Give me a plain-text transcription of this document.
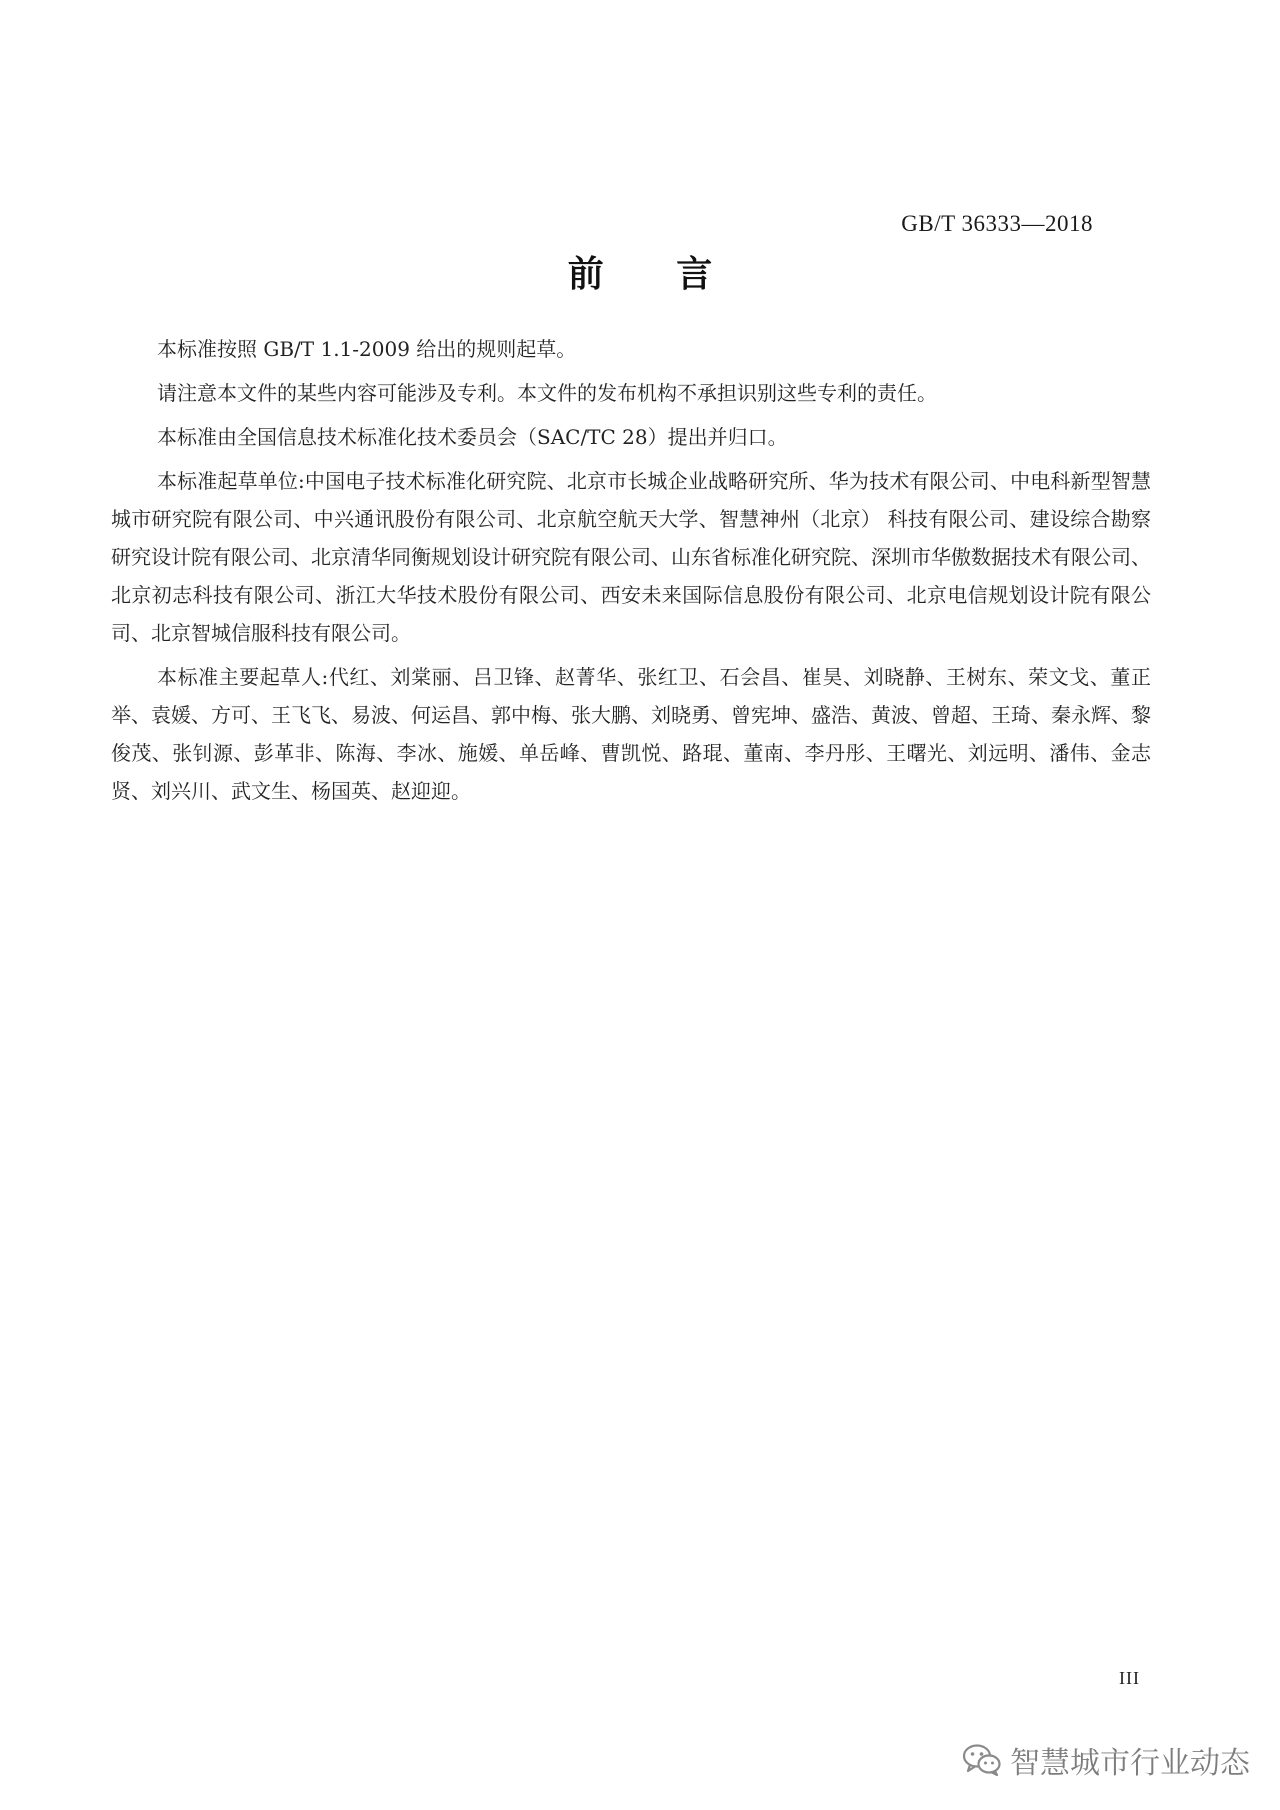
GB/T 36333—2018
前 言

本标准按照 GB/T 1.1-2009 给出的规则起草。

请注意本文件的某些内容可能涉及专利。本文件的发布机构不承担识别这些专利的责任。

本标准由全国信息技术标准化技术委员会（SAC/TC 28）提出并归口。

本标准起草单位:中国电子技术标准化研究院、北京市长城企业战略研究所、华为技术有限公司、中电科新型智慧城市研究院有限公司、中兴通讯股份有限公司、北京航空航天大学、智慧神州（北京） 科技有限公司、建设综合勘察研究设计院有限公司、北京清华同衡规划设计研究院有限公司、山东省标准化研究院、深圳市华傲数据技术有限公司、北京初志科技有限公司、浙江大华技术股份有限公司、西安未来国际信息股份有限公司、北京电信规划设计院有限公司、北京智城信服科技有限公司。

本标准主要起草人:代红、刘棠丽、吕卫锋、赵菁华、张红卫、石会昌、崔昊、刘晓静、王树东、荣文戈、董正举、袁媛、方可、王飞飞、易波、何运昌、郭中梅、张大鹏、刘晓勇、曾宪坤、盛浩、黄波、曾超、王琦、秦永辉、黎俊茂、张钊源、彭革非、陈海、李冰、施媛、单岳峰、曹凯悦、路琨、董南、李丹彤、王曙光、刘远明、潘伟、金志贤、刘兴川、武文生、杨国英、赵迎迎。

III
智慧城市行业动态
